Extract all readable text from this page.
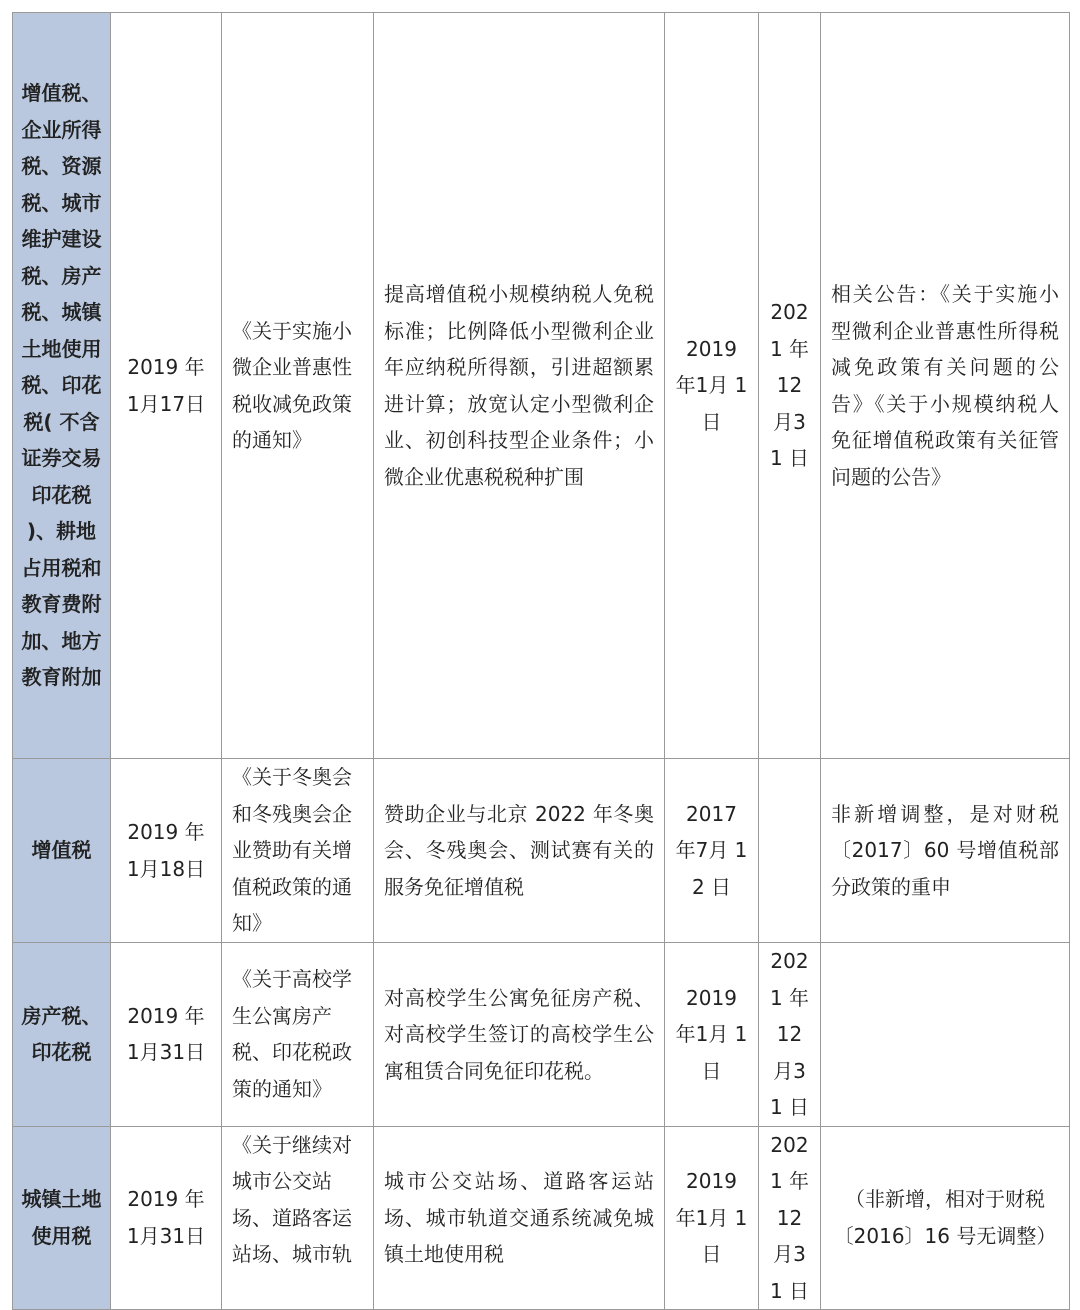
增值税、企业所得税、资源税、城市维护建设税、房产税、城镇土地使用税、印花税( 不含证券交易印花税 )、耕地占用税和教育费附加、地方教育附加	2019 年 1月17日	《关于实施小微企业普惠性税收减免政策的通知》	提高增值税小规模纳税人免税标准；比例降低小型微利企业年应纳税所得额，引进超额累进计算；放宽认定小型微利企业、初创科技型企业条件；小微企业优惠税税种扩围	2019 年1月 1日	2021 年12 月31 日	相关公告：《关于实施小型微利企业普惠性所得税减免政策有关问题的公告》《关于小规模纳税人免征增值税政策有关征管问题的公告》
增值税	2019 年 1月18日	《关于冬奥会和冬残奥会企业赞助有关增值税政策的通知》	赞助企业与北京 2022 年冬奥会、冬残奥会、测试赛有关的服务免征增值税	2017 年7月 12 日		非新增调整，是对财税〔2017〕60 号增值税部分政策的重申
房产税、印花税	2019 年 1月31日	《关于高校学生公寓房产税、印花税政策的通知》	对高校学生公寓免征房产税、对高校学生签订的高校学生公寓租赁合同免征印花税。	2019 年1月 1日	2021 年12 月31 日	
城镇土地使用税	2019 年 1月31日	《关于继续对城市公交站场、道路客运站场、城市轨	城市公交站场、道路客运站场、城市轨道交通系统减免城镇土地使用税	2019 年1月 1日	2021 年12 月31 日	（非新增，相对于财税〔2016〕16 号无调整）
